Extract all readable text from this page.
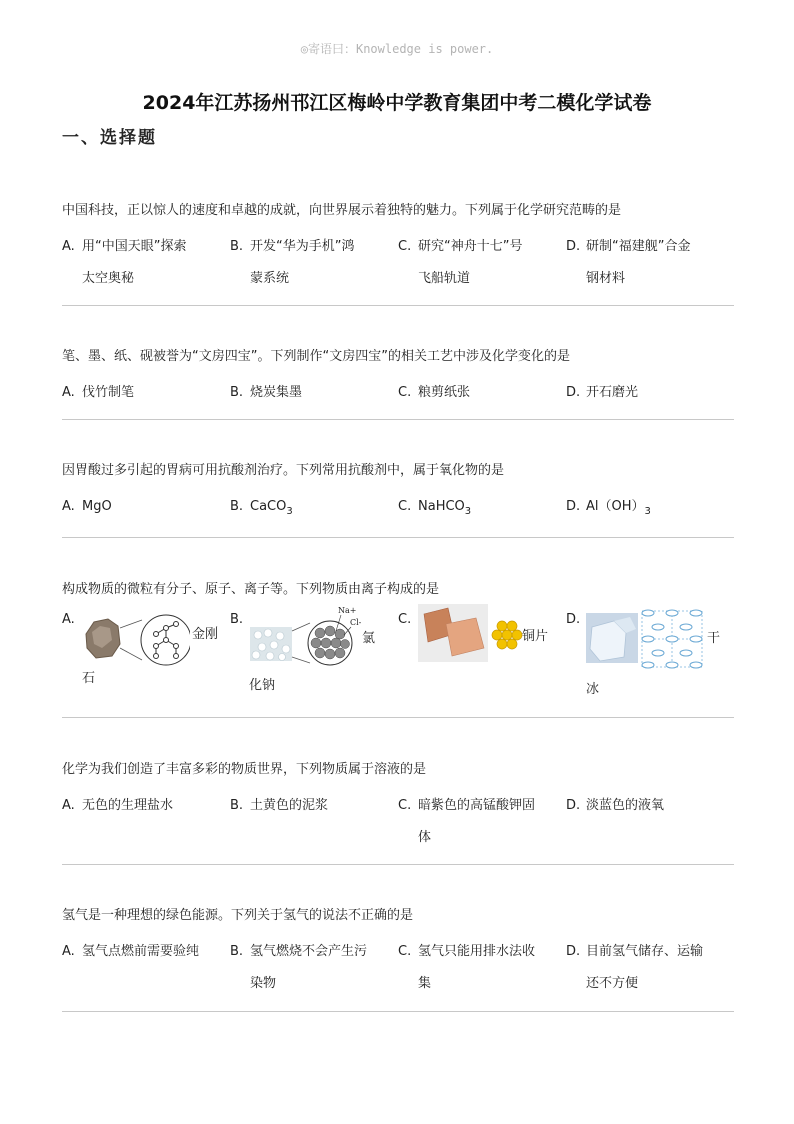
◎寄语曰：Knowledge is power.
2024年江苏扬州邗江区梅岭中学教育集团中考二模化学试卷
一、选择题
中国科技，正以惊人的速度和卓越的成就，向世界展示着独特的魅力。下列属于化学研究范畴的是
A. 用“中国天眼”探索
太空奥秘
B. 开发“华为手机”鸿
蒙系统
C. 研究“神舟十七”号
飞船轨道
D. 研制“福建舰”合金
钢材料
笔、墨、纸、砚被誉为“文房四宝”。下列制作“文房四宝”的相关工艺中涉及化学变化的是
A. 伐竹制笔	B. 烧炭集墨	C. 粮剪纸张	D. 开石磨光
因胃酸过多引起的胃病可用抗酸剂治疗。下列常用抗酸剂中，属于氧化物的是
A. MgO	B. CaCO$_3$	C. NaHCO$_3$	D. $Al(OH)_3$
构成物质的微粒有分子、原子、离子等。下列物质由离子构成的是
A.
金刚
石
B.
Na+
Cl-
氯
化钠
C.
铜片
D.
干
冰
化学为我们创造了丰富多彩的物质世界，下列物质属于溶液的是
A. 无色的生理盐水	B. 土黄色的泥浆	C. 暗紫色的高锰酸钾固
体
D. 淡蓝色的液氧
氢气是一种理想的绿色能源。下列关于氢气的说法不正确的是
A. 氢气点燃前需要验纯	B. 氢气燃烧不会产生污
染物
C. 氢气只能用排水法收
集
D. 目前氢气储存、运输
还不方便
